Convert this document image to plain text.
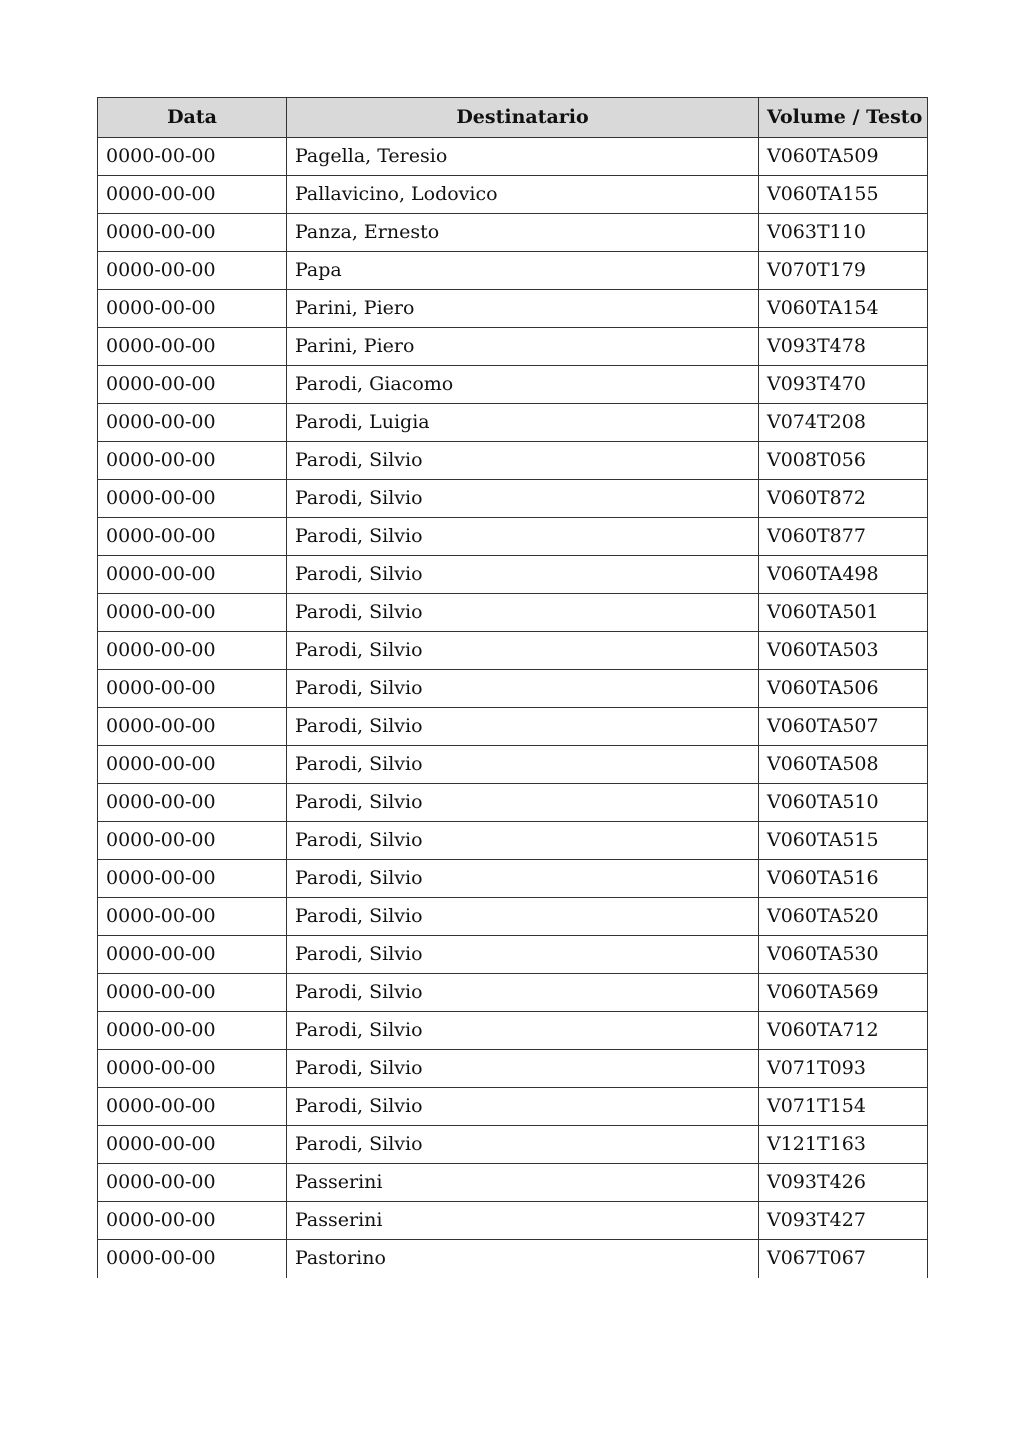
Data	Destinatario	Volume / Testo
0000-00-00	Pagella, Teresio	V060TA509
0000-00-00	Pallavicino, Lodovico	V060TA155
0000-00-00	Panza, Ernesto	V063T110
0000-00-00	Papa	V070T179
0000-00-00	Parini, Piero	V060TA154
0000-00-00	Parini, Piero	V093T478
0000-00-00	Parodi, Giacomo	V093T470
0000-00-00	Parodi, Luigia	V074T208
0000-00-00	Parodi, Silvio	V008T056
0000-00-00	Parodi, Silvio	V060T872
0000-00-00	Parodi, Silvio	V060T877
0000-00-00	Parodi, Silvio	V060TA498
0000-00-00	Parodi, Silvio	V060TA501
0000-00-00	Parodi, Silvio	V060TA503
0000-00-00	Parodi, Silvio	V060TA506
0000-00-00	Parodi, Silvio	V060TA507
0000-00-00	Parodi, Silvio	V060TA508
0000-00-00	Parodi, Silvio	V060TA510
0000-00-00	Parodi, Silvio	V060TA515
0000-00-00	Parodi, Silvio	V060TA516
0000-00-00	Parodi, Silvio	V060TA520
0000-00-00	Parodi, Silvio	V060TA530
0000-00-00	Parodi, Silvio	V060TA569
0000-00-00	Parodi, Silvio	V060TA712
0000-00-00	Parodi, Silvio	V071T093
0000-00-00	Parodi, Silvio	V071T154
0000-00-00	Parodi, Silvio	V121T163
0000-00-00	Passerini	V093T426
0000-00-00	Passerini	V093T427
0000-00-00	Pastorino	V067T067
